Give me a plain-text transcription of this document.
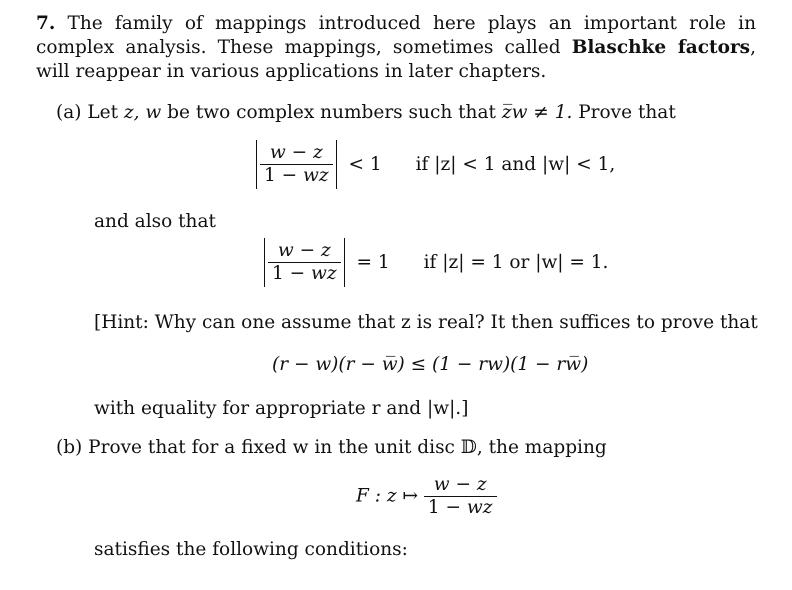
7. The family of mappings introduced here plays an important role in complex analysis. These mappings, sometimes called Blaschke factors, will reappear in various applications in later chapters.
(a) Let z, w be two complex numbers such that z̅w ≠ 1. Prove that
$\frac{w - z}{1 - \overline{w}z} < 1$ if |z| < 1 and |w| < 1,
and also that
$\frac{w - z}{1 - \overline{w}z} = 1$ if |z| = 1 or |w| = 1.
[Hint: Why can one assume that z is real? It then suffices to prove that
(r − w)(r − w̅) ≤ (1 − rw)(1 − rw̅)
with equality for appropriate r and |w|.]
(b) Prove that for a fixed w in the unit disc 𝔻, the mapping
F : z ↦ $\frac{w - z}{1 - \overline{w}z}$
satisfies the following conditions:
